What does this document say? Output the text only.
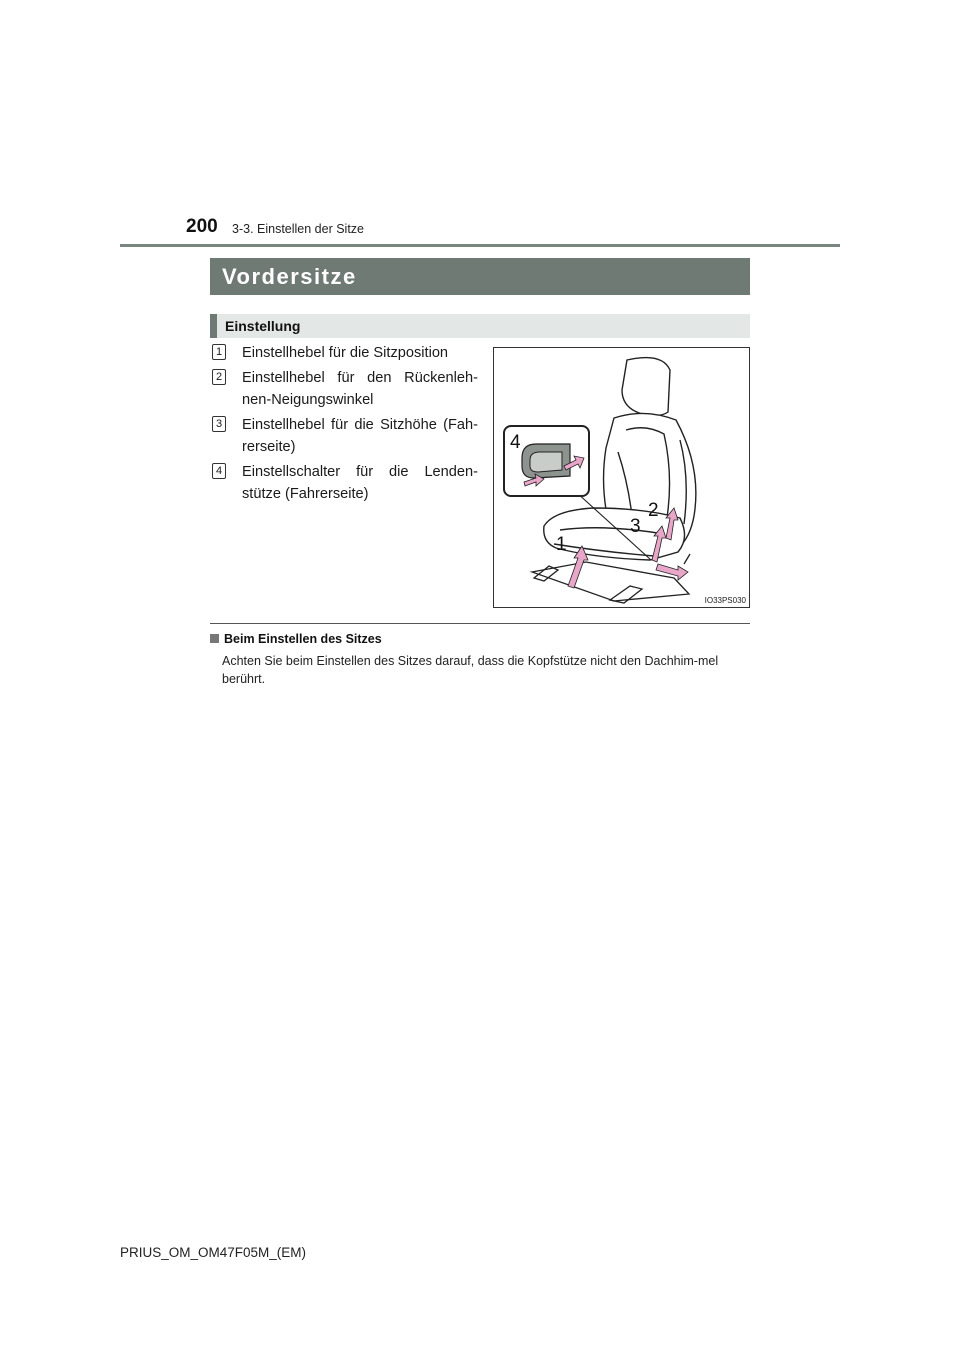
200 3-3. Einstellen der Sitze
Vordersitze
Einstellung
1 Einstellhebel für die Sitzposition
2 Einstellhebel für den Rückenleh-nen-Neigungswinkel
3 Einstellhebel für die Sitzhöhe (Fah-rerseite)
4 Einstellschalter für die Lenden-stütze (Fahrerseite)
1
2
3
4
IO33PS030
Beim Einstellen des Sitzes
Achten Sie beim Einstellen des Sitzes darauf, dass die Kopfstütze nicht den Dachhim-mel berührt.
PRIUS_OM_OM47F05M_(EM)
